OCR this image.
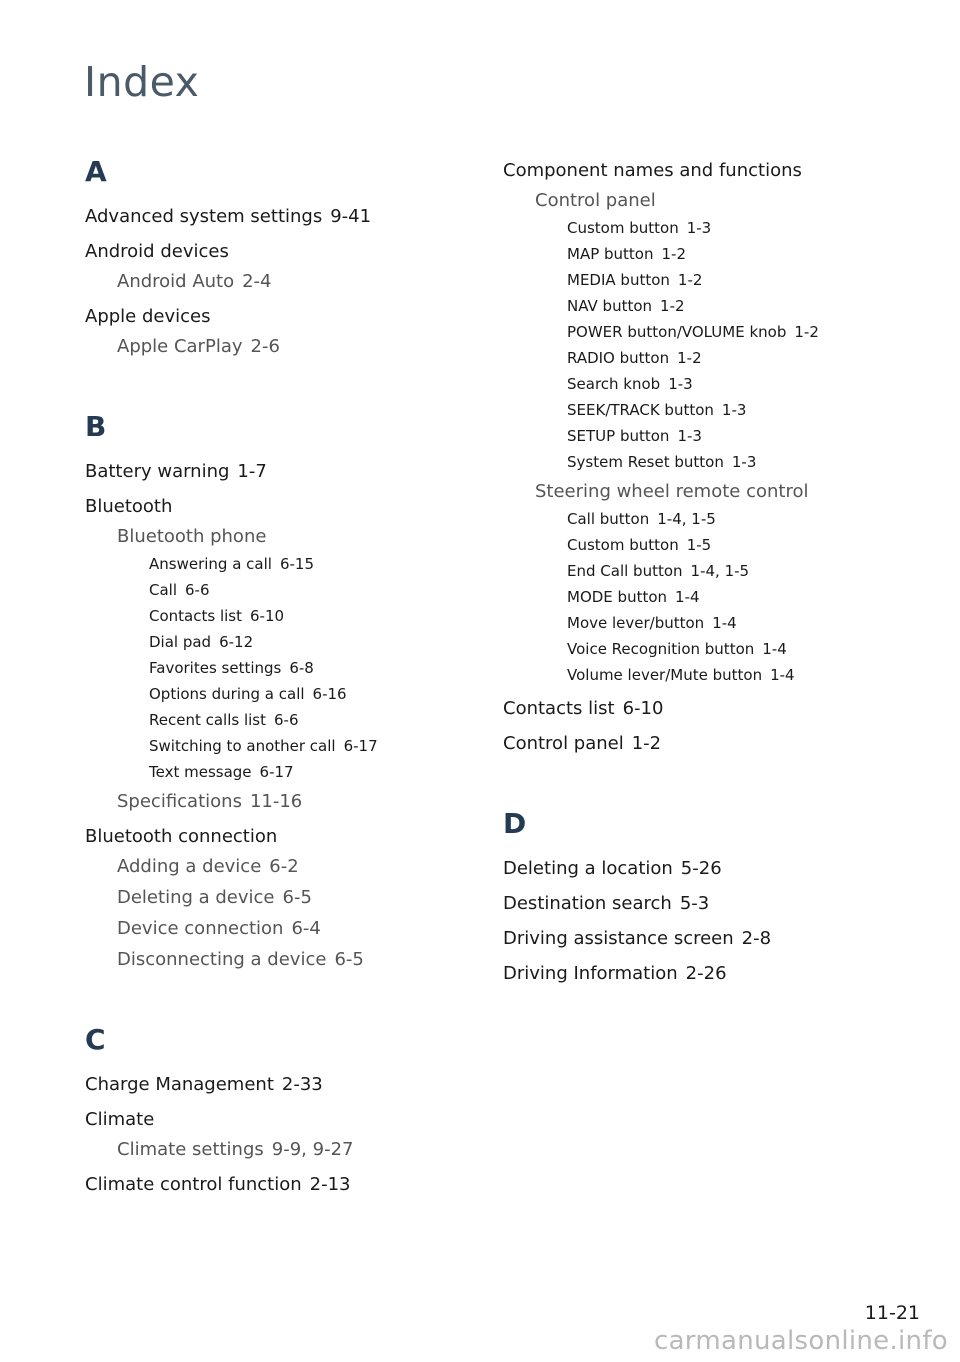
Index
A
Advanced system settings 9-41
Android devices
Android Auto 2-4
Apple devices
Apple CarPlay 2-6
B
Battery warning 1-7
Bluetooth
Bluetooth phone
Answering a call 6-15
Call 6-6
Contacts list 6-10
Dial pad 6-12
Favorites settings 6-8
Options during a call 6-16
Recent calls list 6-6
Switching to another call 6-17
Text message 6-17
Specifications 11-16
Bluetooth connection
Adding a device 6-2
Deleting a device 6-5
Device connection 6-4
Disconnecting a device 6-5
C
Charge Management 2-33
Climate
Climate settings 9-9, 9-27
Climate control function 2-13
Component names and functions
Control panel
Custom button 1-3
MAP button 1-2
MEDIA button 1-2
NAV button 1-2
POWER button/VOLUME knob 1-2
RADIO button 1-2
Search knob 1-3
SEEK/TRACK button 1-3
SETUP button 1-3
System Reset button 1-3
Steering wheel remote control
Call button 1-4, 1-5
Custom button 1-5
End Call button 1-4, 1-5
MODE button 1-4
Move lever/button 1-4
Voice Recognition button 1-4
Volume lever/Mute button 1-4
Contacts list 6-10
Control panel 1-2
D
Deleting a location 5-26
Destination search 5-3
Driving assistance screen 2-8
Driving Information 2-26
11-21
carmanualsonline.info
